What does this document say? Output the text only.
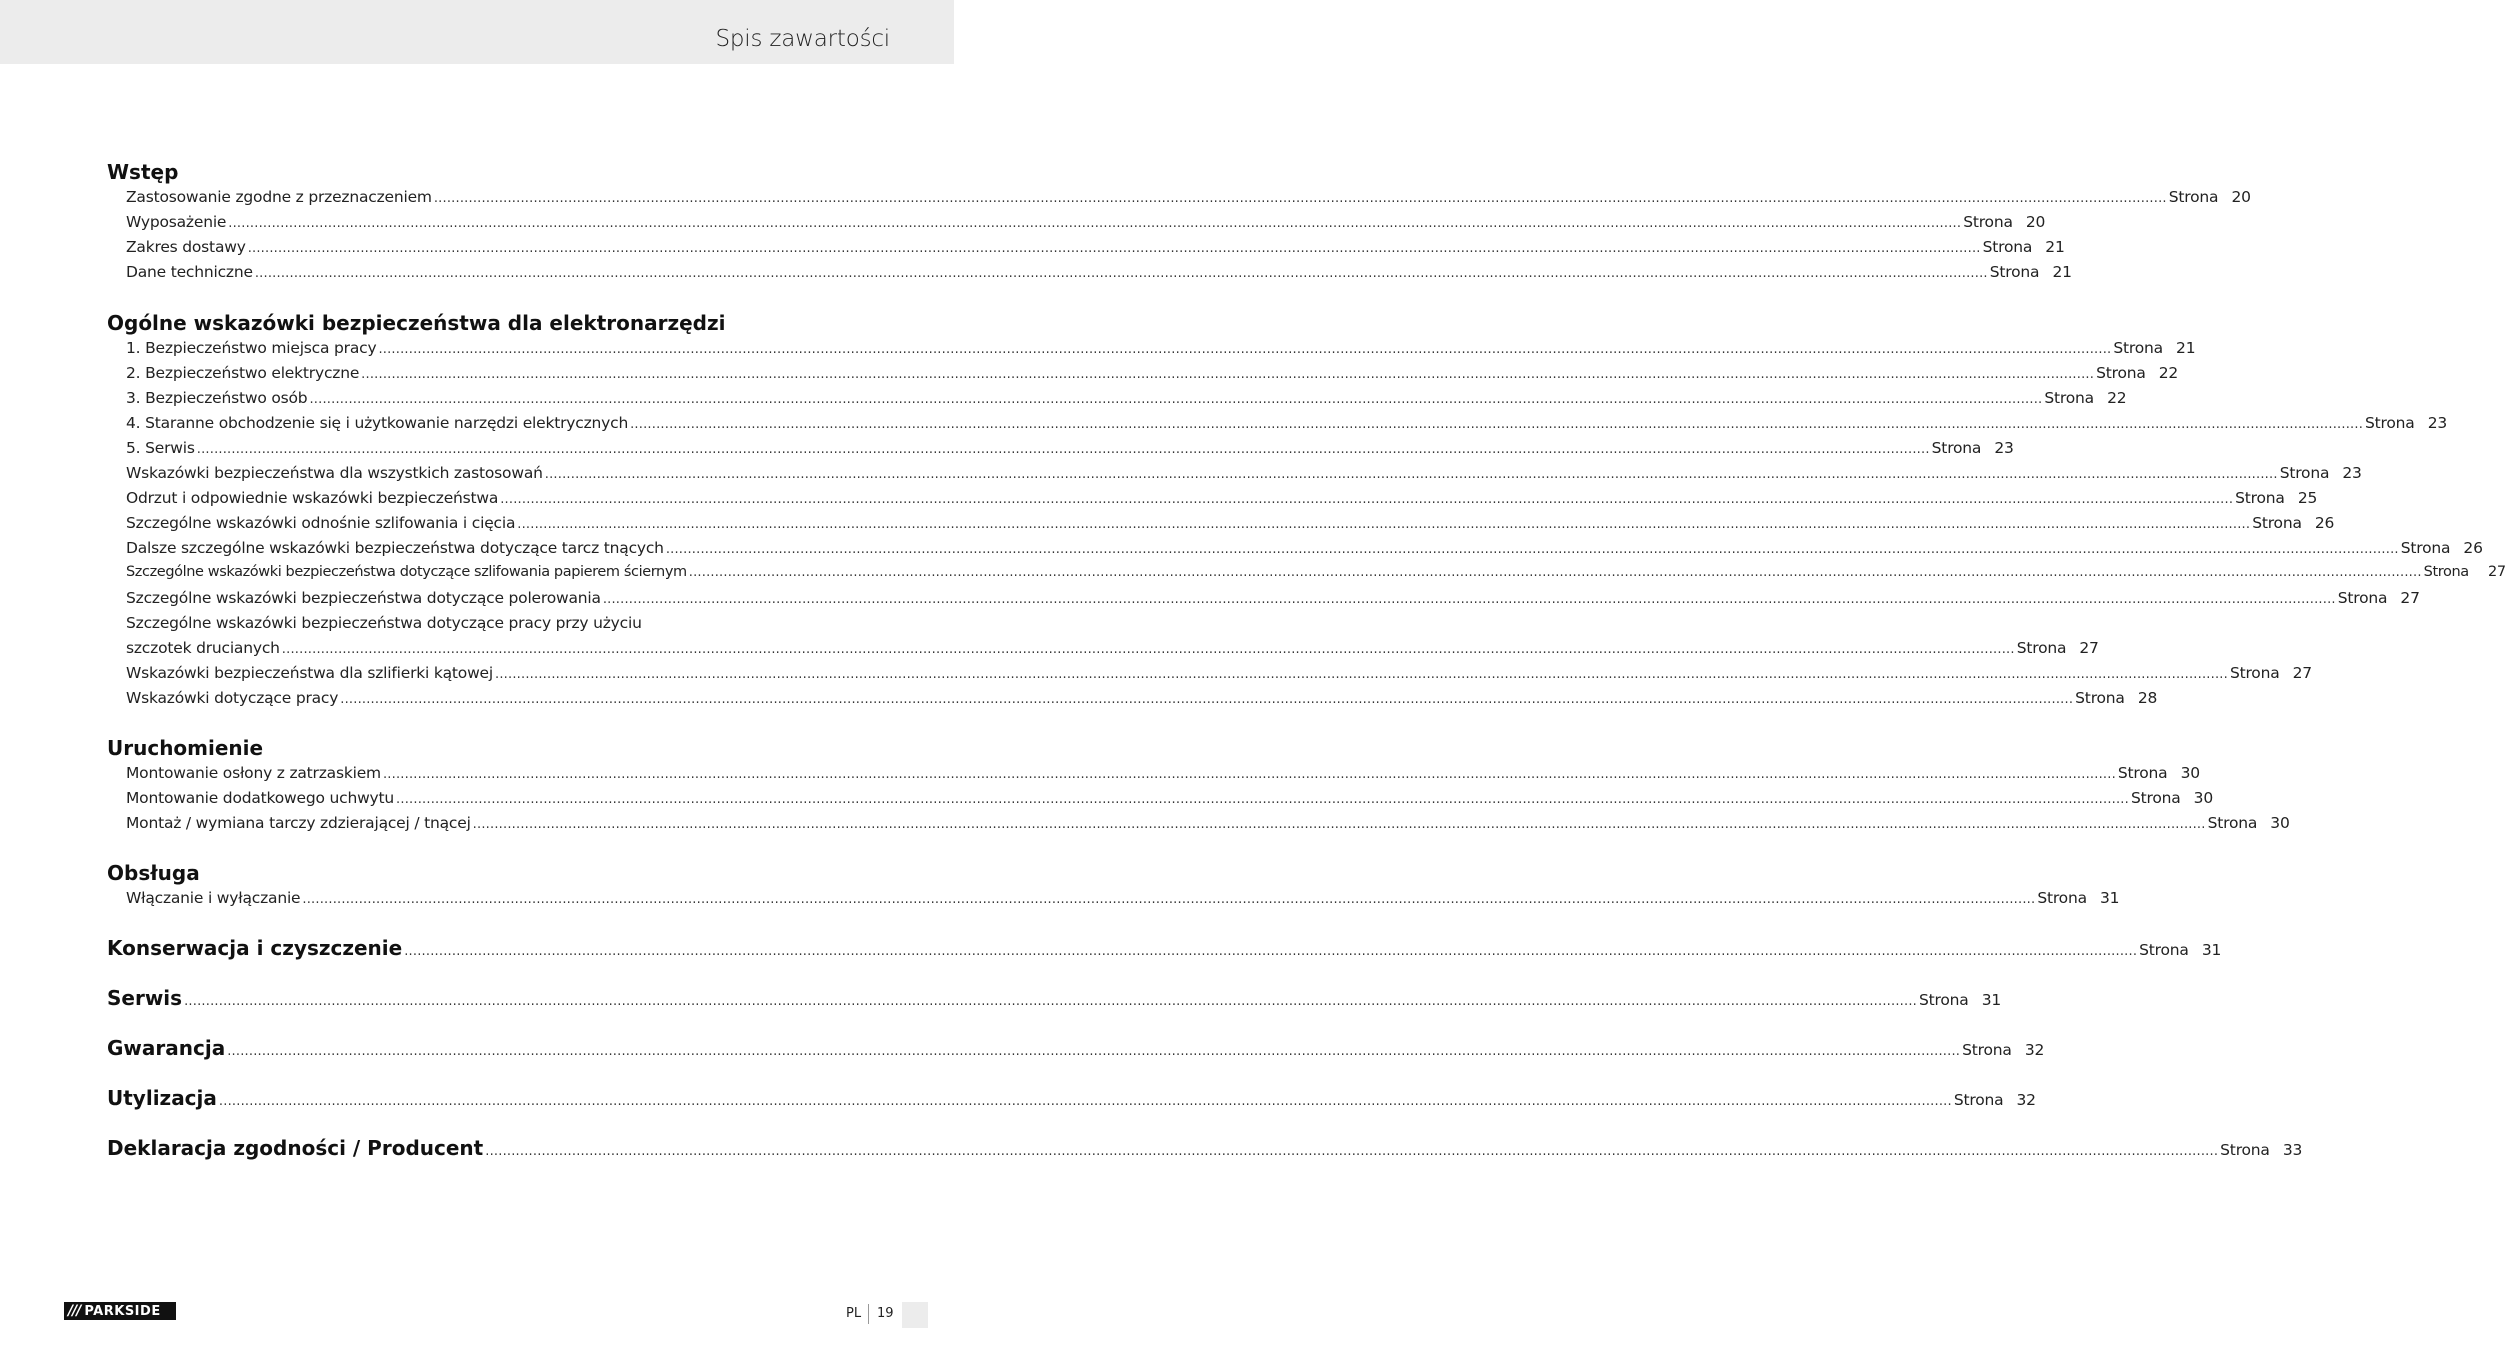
Spis zawartości
Wstęp
Zastosowanie zgodne z przeznaczeniem ................................................................................................................................................................................................................................................................................................................................................................................................................ Strona 20
Wyposażenie ................................................................................................................................................................................................................................................................................................................................................................................................................ Strona 20
Zakres dostawy ................................................................................................................................................................................................................................................................................................................................................................................................................ Strona 21
Dane techniczne ................................................................................................................................................................................................................................................................................................................................................................................................................ Strona 21
Ogólne wskazówki bezpieczeństwa dla elektronarzędzi
1. Bezpieczeństwo miejsca pracy ................................................................................................................................................................................................................................................................................................................................................................................................................ Strona 21
2. Bezpieczeństwo elektryczne ................................................................................................................................................................................................................................................................................................................................................................................................................ Strona 22
3. Bezpieczeństwo osób ................................................................................................................................................................................................................................................................................................................................................................................................................ Strona 22
4. Staranne obchodzenie się i użytkowanie narzędzi elektrycznych ................................................................................................................................................................................................................................................................................................................................................................................................................ Strona 23
5. Serwis ................................................................................................................................................................................................................................................................................................................................................................................................................ Strona 23
Wskazówki bezpieczeństwa dla wszystkich zastosowań ................................................................................................................................................................................................................................................................................................................................................................................................................ Strona 23
Odrzut i odpowiednie wskazówki bezpieczeństwa ................................................................................................................................................................................................................................................................................................................................................................................................................ Strona 25
Szczególne wskazówki odnośnie szlifowania i cięcia ................................................................................................................................................................................................................................................................................................................................................................................................................ Strona 26
Dalsze szczególne wskazówki bezpieczeństwa dotyczące tarcz tnących ................................................................................................................................................................................................................................................................................................................................................................................................................ Strona 26
Szczególne wskazówki bezpieczeństwa dotyczące szlifowania papierem ściernym ................................................................................................................................................................................................................................................................................................................................................................................................................ Strona 27
Szczególne wskazówki bezpieczeństwa dotyczące polerowania ................................................................................................................................................................................................................................................................................................................................................................................................................ Strona 27
Szczególne wskazówki bezpieczeństwa dotyczące pracy przy użyciu
szczotek drucianych ................................................................................................................................................................................................................................................................................................................................................................................................................ Strona 27
Wskazówki bezpieczeństwa dla szlifierki kątowej ................................................................................................................................................................................................................................................................................................................................................................................................................ Strona 27
Wskazówki dotyczące pracy ................................................................................................................................................................................................................................................................................................................................................................................................................ Strona 28
Uruchomienie
Montowanie osłony z zatrzaskiem ................................................................................................................................................................................................................................................................................................................................................................................................................ Strona 30
Montowanie dodatkowego uchwytu ................................................................................................................................................................................................................................................................................................................................................................................................................ Strona 30
Montaż / wymiana tarczy zdzierającej / tnącej ................................................................................................................................................................................................................................................................................................................................................................................................................ Strona 30
Obsługa
Włączanie i wyłączanie ................................................................................................................................................................................................................................................................................................................................................................................................................ Strona 31
Konserwacja i czyszczenie ................................................................................................................................................................................................................................................................................................................................................................................................................ Strona 31
Serwis ................................................................................................................................................................................................................................................................................................................................................................................................................ Strona 31
Gwarancja ................................................................................................................................................................................................................................................................................................................................................................................................................ Strona 32
Utylizacja ................................................................................................................................................................................................................................................................................................................................................................................................................ Strona 32
Deklaracja zgodności / Producent ................................................................................................................................................................................................................................................................................................................................................................................................................ Strona 33
/// PARKSIDE	PL 19
